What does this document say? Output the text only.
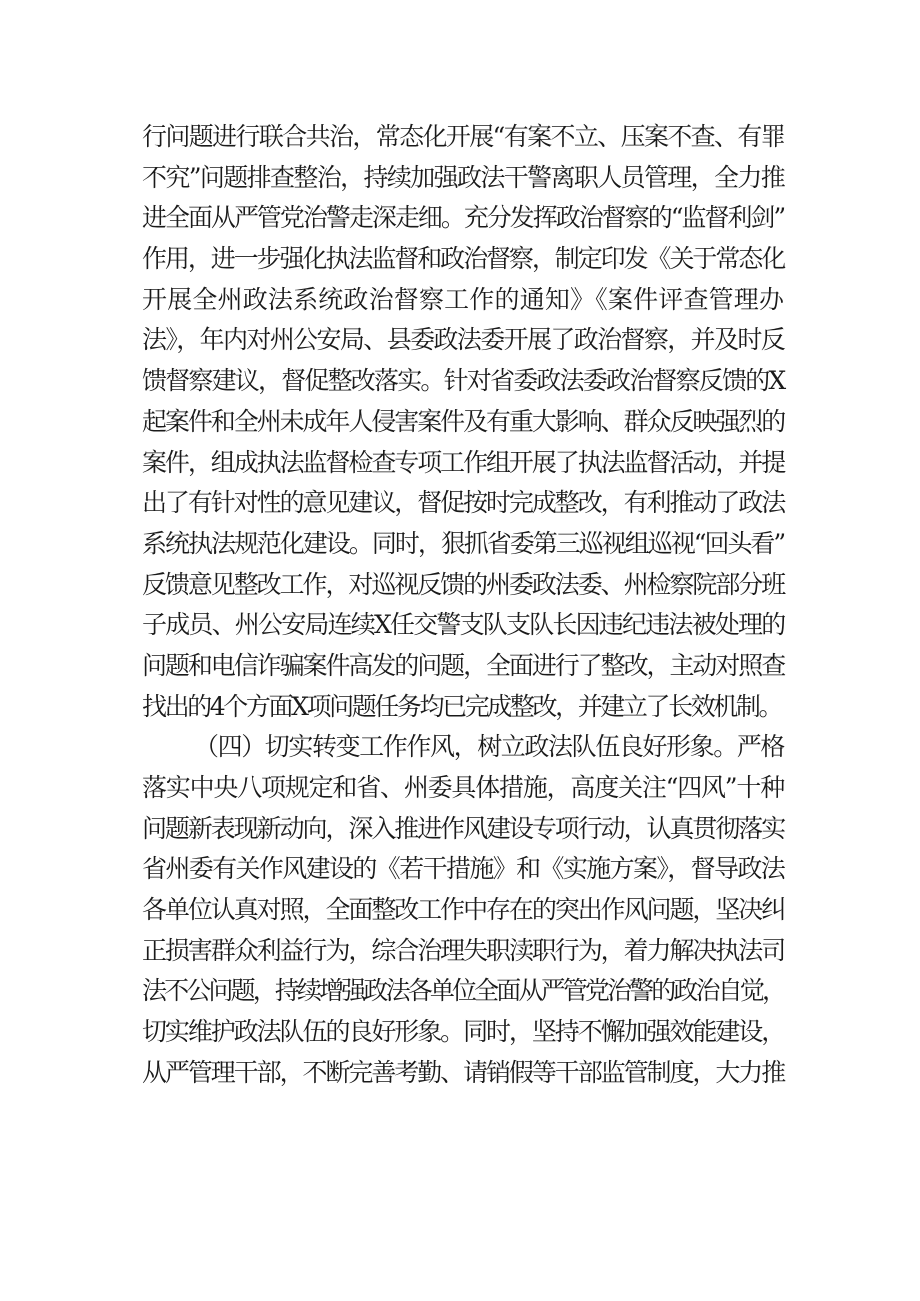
行问题进行联合共治，常态化开展“有案不立、压案不查、有罪
不究”问题排查整治，持续加强政法干警离职人员管理，全力推
进全面从严管党治警走深走细。充分发挥政治督察的“监督利剑”
作用，进一步强化执法监督和政治督察，制定印发《关于常态化
开展全州政法系统政治督察工作的通知》《案件评查管理办
法》，年内对州公安局、县委政法委开展了政治督察，并及时反
馈督察建议，督促整改落实。针对省委政法委政治督察反馈的X
起案件和全州未成年人侵害案件及有重大影响、群众反映强烈的
案件，组成执法监督检查专项工作组开展了执法监督活动，并提
出了有针对性的意见建议，督促按时完成整改，有利推动了政法
系统执法规范化建设。同时，狠抓省委第三巡视组巡视“回头看”
反馈意见整改工作，对巡视反馈的州委政法委、州检察院部分班
子成员、州公安局连续X任交警支队支队长因违纪违法被处理的
问题和电信诈骗案件高发的问题，全面进行了整改，主动对照查
找出的4个方面X项问题任务均已完成整改，并建立了长效机制。
（四）切实转变工作作风，树立政法队伍良好形象。严格
落实中央八项规定和省、州委具体措施，高度关注“四风”十种
问题新表现新动向，深入推进作风建设专项行动，认真贯彻落实
省州委有关作风建设的《若干措施》和《实施方案》，督导政法
各单位认真对照，全面整改工作中存在的突出作风问题，坚决纠
正损害群众利益行为，综合治理失职渎职行为，着力解决执法司
法不公问题，持续增强政法各单位全面从严管党治警的政治自觉，
切实维护政法队伍的良好形象。同时，坚持不懈加强效能建设，
从严管理干部，不断完善考勤、请销假等干部监管制度，大力推
